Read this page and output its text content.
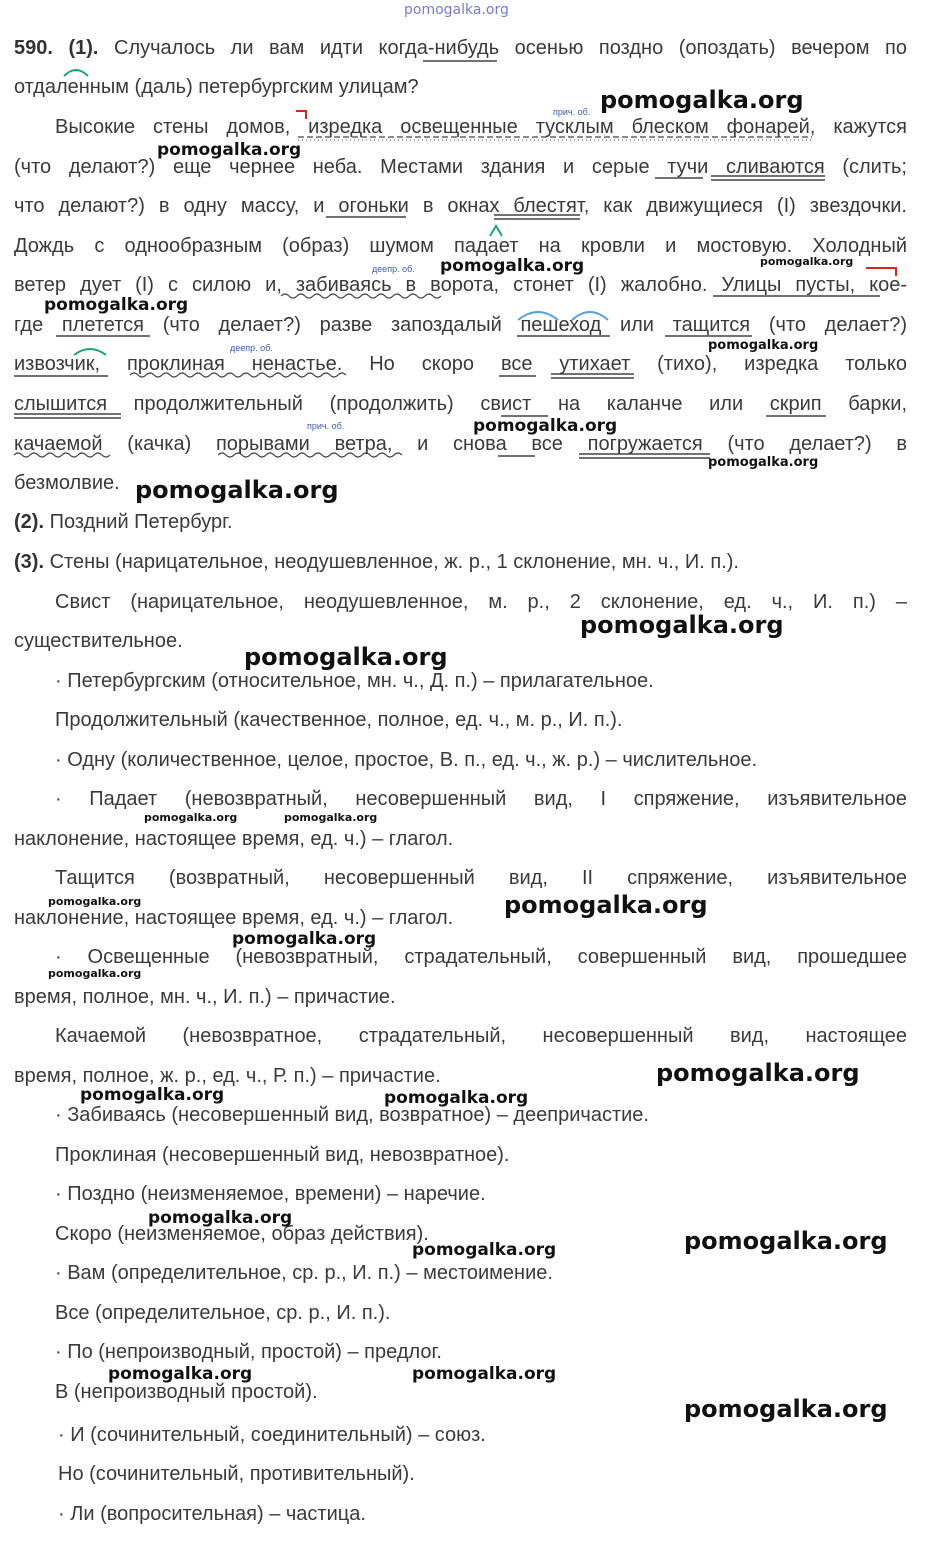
pomogalka.org
590. (1). Случалось ли вам идти когда-нибудь осенью поздно (опоздать) вечером по
отдаленным (даль) петербургским улицам?
Высокие стены домов, изредка освещенные тусклым блеском фонарей, кажутся
(что делают?) еще чернее неба. Местами здания и серые тучи сливаются (слить;
что делают?) в одну массу, и огоньки в окнах блестят, как движущиеся (I) звездочки.
Дождь с однообразным (образ) шумом падает на кровли и мостовую. Холодный
ветер дует (I) с силою и, забиваясь в ворота, стонет (I) жалобно. Улицы пусты, кое-
где плетется (что делает?) разве запоздалый пешеход или тащится (что делает?)
извозчик, проклиная ненастье. Но скоро все утихает (тихо), изредка только
слышится продолжительный (продолжить) свист на каланче или скрип барки,
качаемой (качка) порывами ветра, и снова все погружается (что делает?) в
безмолвие.
прич. об.
деепр. об.
деепр. об.
прич. об.
(2). Поздний Петербург.
(3). Стены (нарицательное, неодушевленное, ж. р., 1 склонение, мн. ч., И. п.).
Свист (нарицательное, неодушевленное, м. р., 2 склонение, ед. ч., И. п.) –
существительное.
· Петербургским (относительное, мн. ч., Д. п.) – прилагательное.
Продолжительный (качественное, полное, ед. ч., м. р., И. п.).
· Одну (количественное, целое, простое, В. п., ед. ч., ж. р.) – числительное.
· Падает (невозвратный, несовершенный вид, I спряжение, изъявительное
наклонение, настоящее время, ед. ч.) – глагол.
Тащится (возвратный, несовершенный вид, II спряжение, изъявительное
наклонение, настоящее время, ед. ч.) – глагол.
· Освещенные (невозвратный, страдательный, совершенный вид, прошедшее
время, полное, мн. ч., И. п.) – причастие.
Качаемой (невозвратное, страдательный, несовершенный вид, настоящее
время, полное, ж. р., ед. ч., Р. п.) – причастие.
· Забиваясь (несовершенный вид, возвратное) – деепричастие.
Проклиная (несовершенный вид, невозвратное).
· Поздно (неизменяемое, времени) – наречие.
Скоро (неизменяемое, образ действия).
· Вам (определительное, ср. р., И. п.) – местоимение.
Все (определительное, ср. р., И. п.).
· По (непроизводный, простой) – предлог.
В (непроизводный простой).
· И (сочинительный, соединительный) – союз.
Но (сочинительный, противительный).
· Ли (вопросительная) – частица.
pomogalka.org
pomogalka.org
pomogalka.org	pomogalka.org
pomogalka.org
pomogalka.org
pomogalka.org
pomogalka.org
pomogalka.org
pomogalka.org
pomogalka.org
pomogalka.org	pomogalka.org
pomogalka.org	pomogalka.org
pomogalka.org
pomogalka.org
pomogalka.org
pomogalka.org	pomogalka.org
pomogalka.org
pomogalka.org
pomogalka.org
pomogalka.org	pomogalka.org
pomogalka.org
